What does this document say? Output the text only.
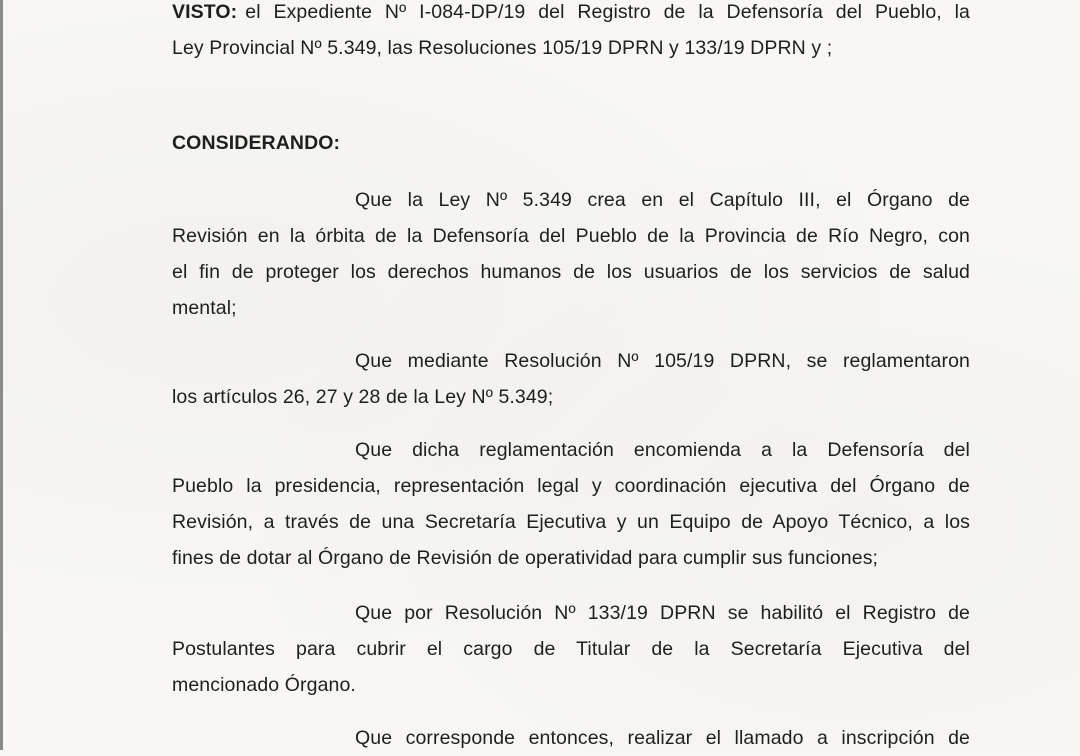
VISTO: el Expediente Nº I-084-DP/19 del Registro de la Defensoría del Pueblo, la
Ley Provincial Nº 5.349, las Resoluciones 105/19 DPRN y 133/19 DPRN y ;
CONSIDERANDO:
Que la Ley Nº 5.349 crea en el Capítulo III, el Órgano de
Revisión en la órbita de la Defensoría del Pueblo de la Provincia de Río Negro, con
el fin de proteger los derechos humanos de los usuarios de los servicios de salud
mental;
Que mediante Resolución Nº 105/19 DPRN, se reglamentaron
los artículos 26, 27 y 28 de la Ley Nº 5.349;
Que dicha reglamentación encomienda a la Defensoría del
Pueblo la presidencia, representación legal y coordinación ejecutiva del Órgano de
Revisión, a través de una Secretaría Ejecutiva y un Equipo de Apoyo Técnico, a los
fines de dotar al Órgano de Revisión de operatividad para cumplir sus funciones;
Que por Resolución Nº 133/19 DPRN se habilitó el Registro de
Postulantes para cubrir el cargo de Titular de la Secretaría Ejecutiva del
mencionado Órgano.
Que corresponde entonces, realizar el llamado a inscripción de
